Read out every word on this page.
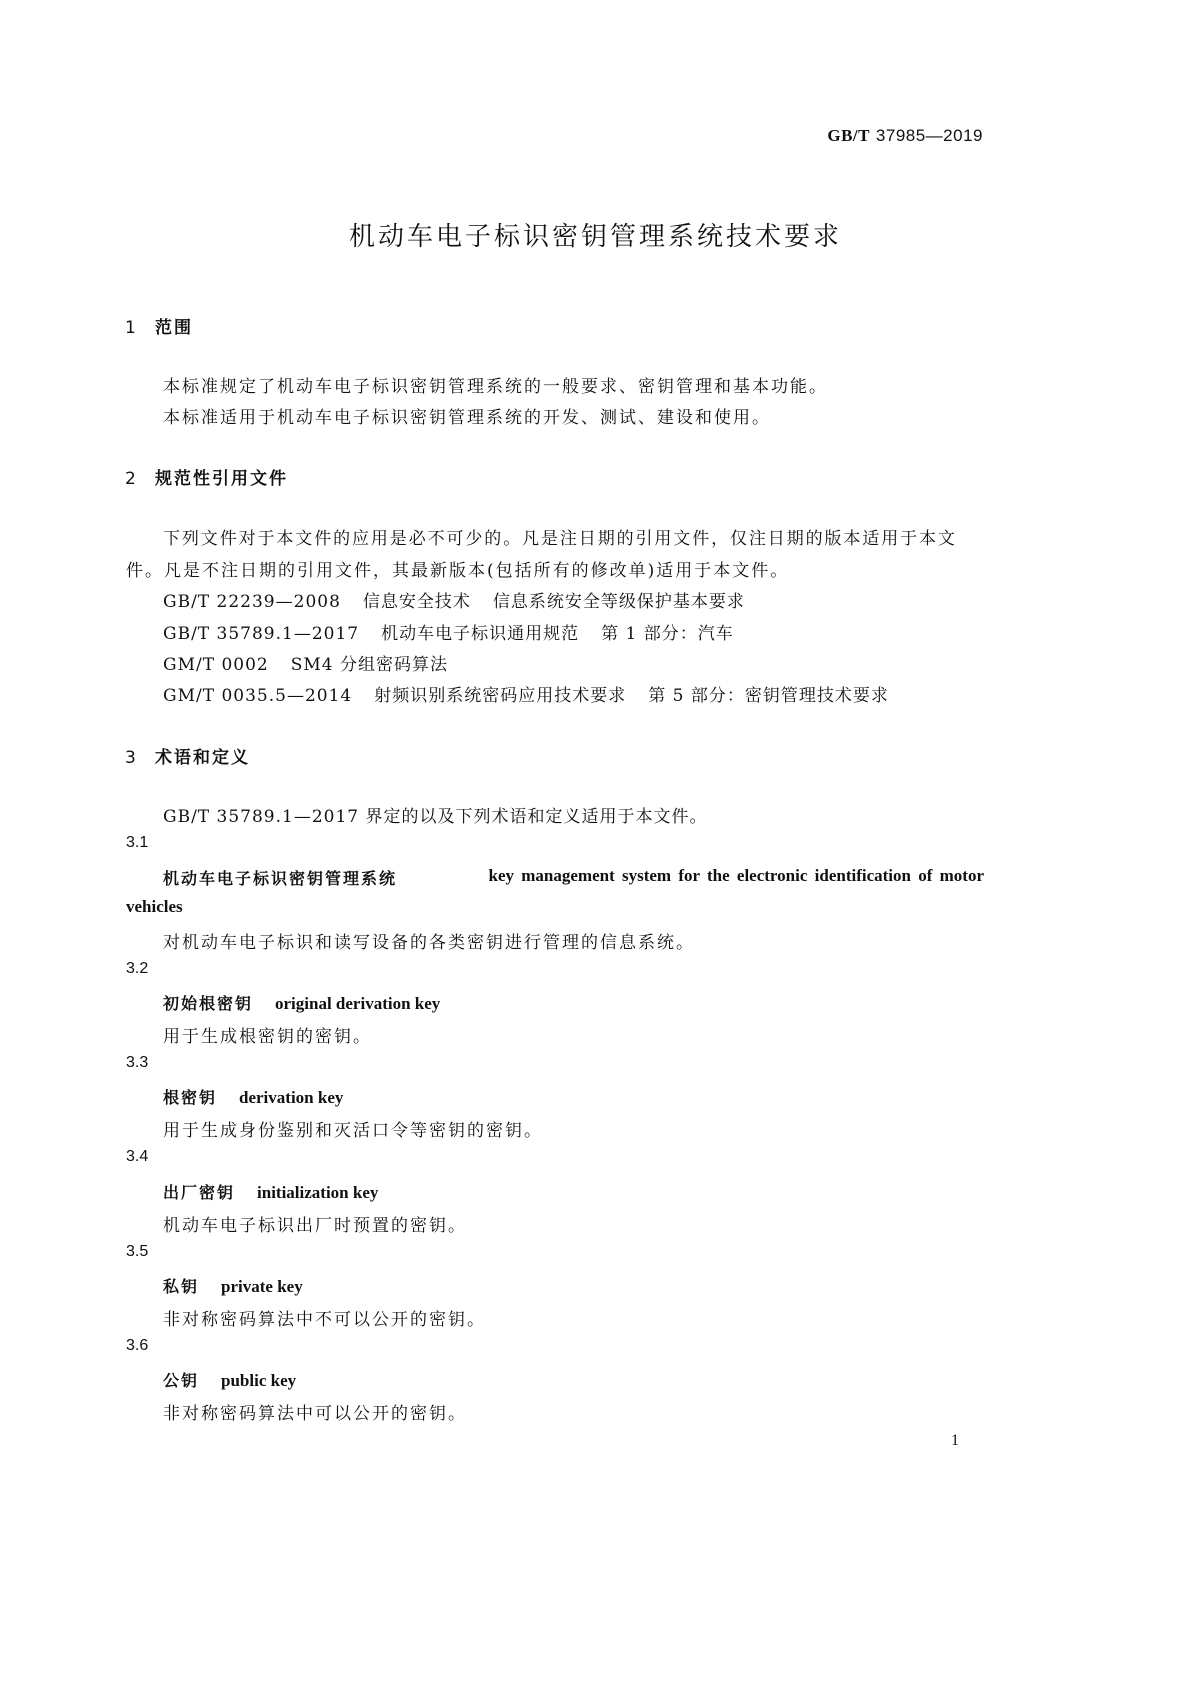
GB/T 37985—2019
机动车电子标识密钥管理系统技术要求
1 范围
本标准规定了机动车电子标识密钥管理系统的一般要求、密钥管理和基本功能。
本标准适用于机动车电子标识密钥管理系统的开发、测试、建设和使用。
2 规范性引用文件
下列文件对于本文件的应用是必不可少的。凡是注日期的引用文件，仅注日期的版本适用于本文
件。凡是不注日期的引用文件，其最新版本(包括所有的修改单)适用于本文件。
GB/T 22239—2008 信息安全技术 信息系统安全等级保护基本要求
GB/T 35789.1—2017 机动车电子标识通用规范 第 1 部分：汽车
GM/T 0002 SM4 分组密码算法
GM/T 0035.5—2014 射频识别系统密码应用技术要求 第 5 部分：密钥管理技术要求
3 术语和定义
GB/T 35789.1—2017 界定的以及下列术语和定义适用于本文件。
3.1
机动车电子标识密钥管理系统	key management system for the electronic identification of motor
vehicles
对机动车电子标识和读写设备的各类密钥进行管理的信息系统。
3.2
初始根密钥 original derivation key
用于生成根密钥的密钥。
3.3
根密钥 derivation key
用于生成身份鉴别和灭活口令等密钥的密钥。
3.4
出厂密钥 initialization key
机动车电子标识出厂时预置的密钥。
3.5
私钥 private key
非对称密码算法中不可以公开的密钥。
3.6
公钥 public key
非对称密码算法中可以公开的密钥。
1
